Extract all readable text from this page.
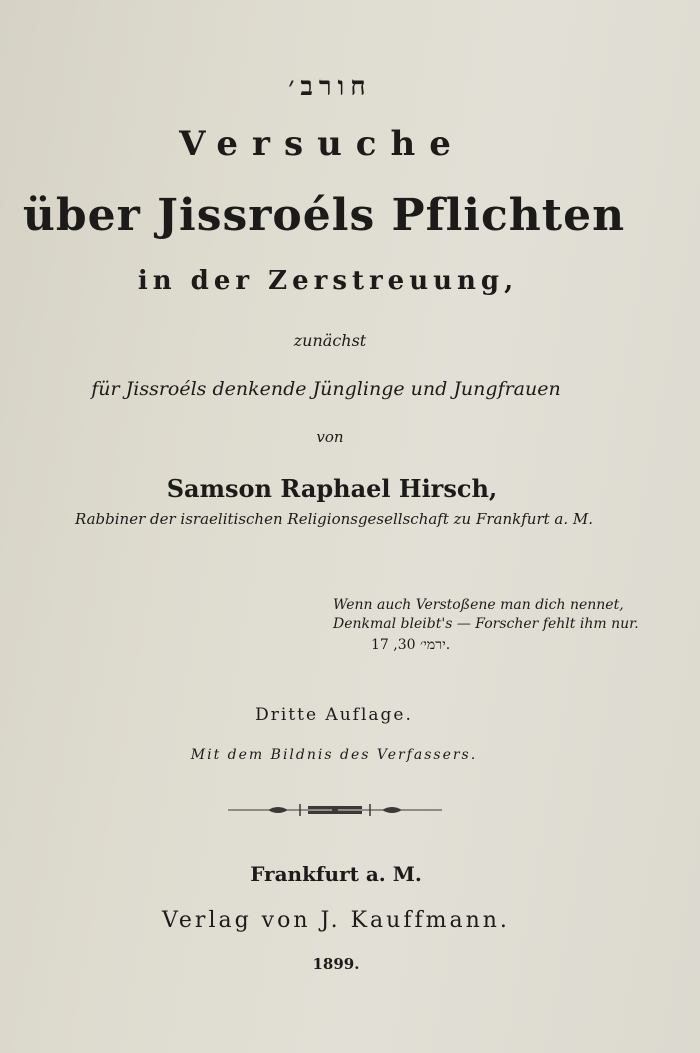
חורב׳
Versuche
über Jissroéls Pflichten
in der Zerstreuung,
zunächst
für Jissroéls denkende Jünglinge und Jungfrauen
von
Samson Raphael Hirsch,
Rabbiner der israelitischen Religionsgesellschaft zu Frankfurt a. M.
Wenn auch Verstoßene man dich nennet,
Denkmal bleibt's — Forscher fehlt ihm nur.
ירמי׳ 30, 17.
Dritte Auflage.
Mit dem Bildnis des Verfassers.
Frankfurt a. M.
Verlag von J. Kauffmann.
1899.
